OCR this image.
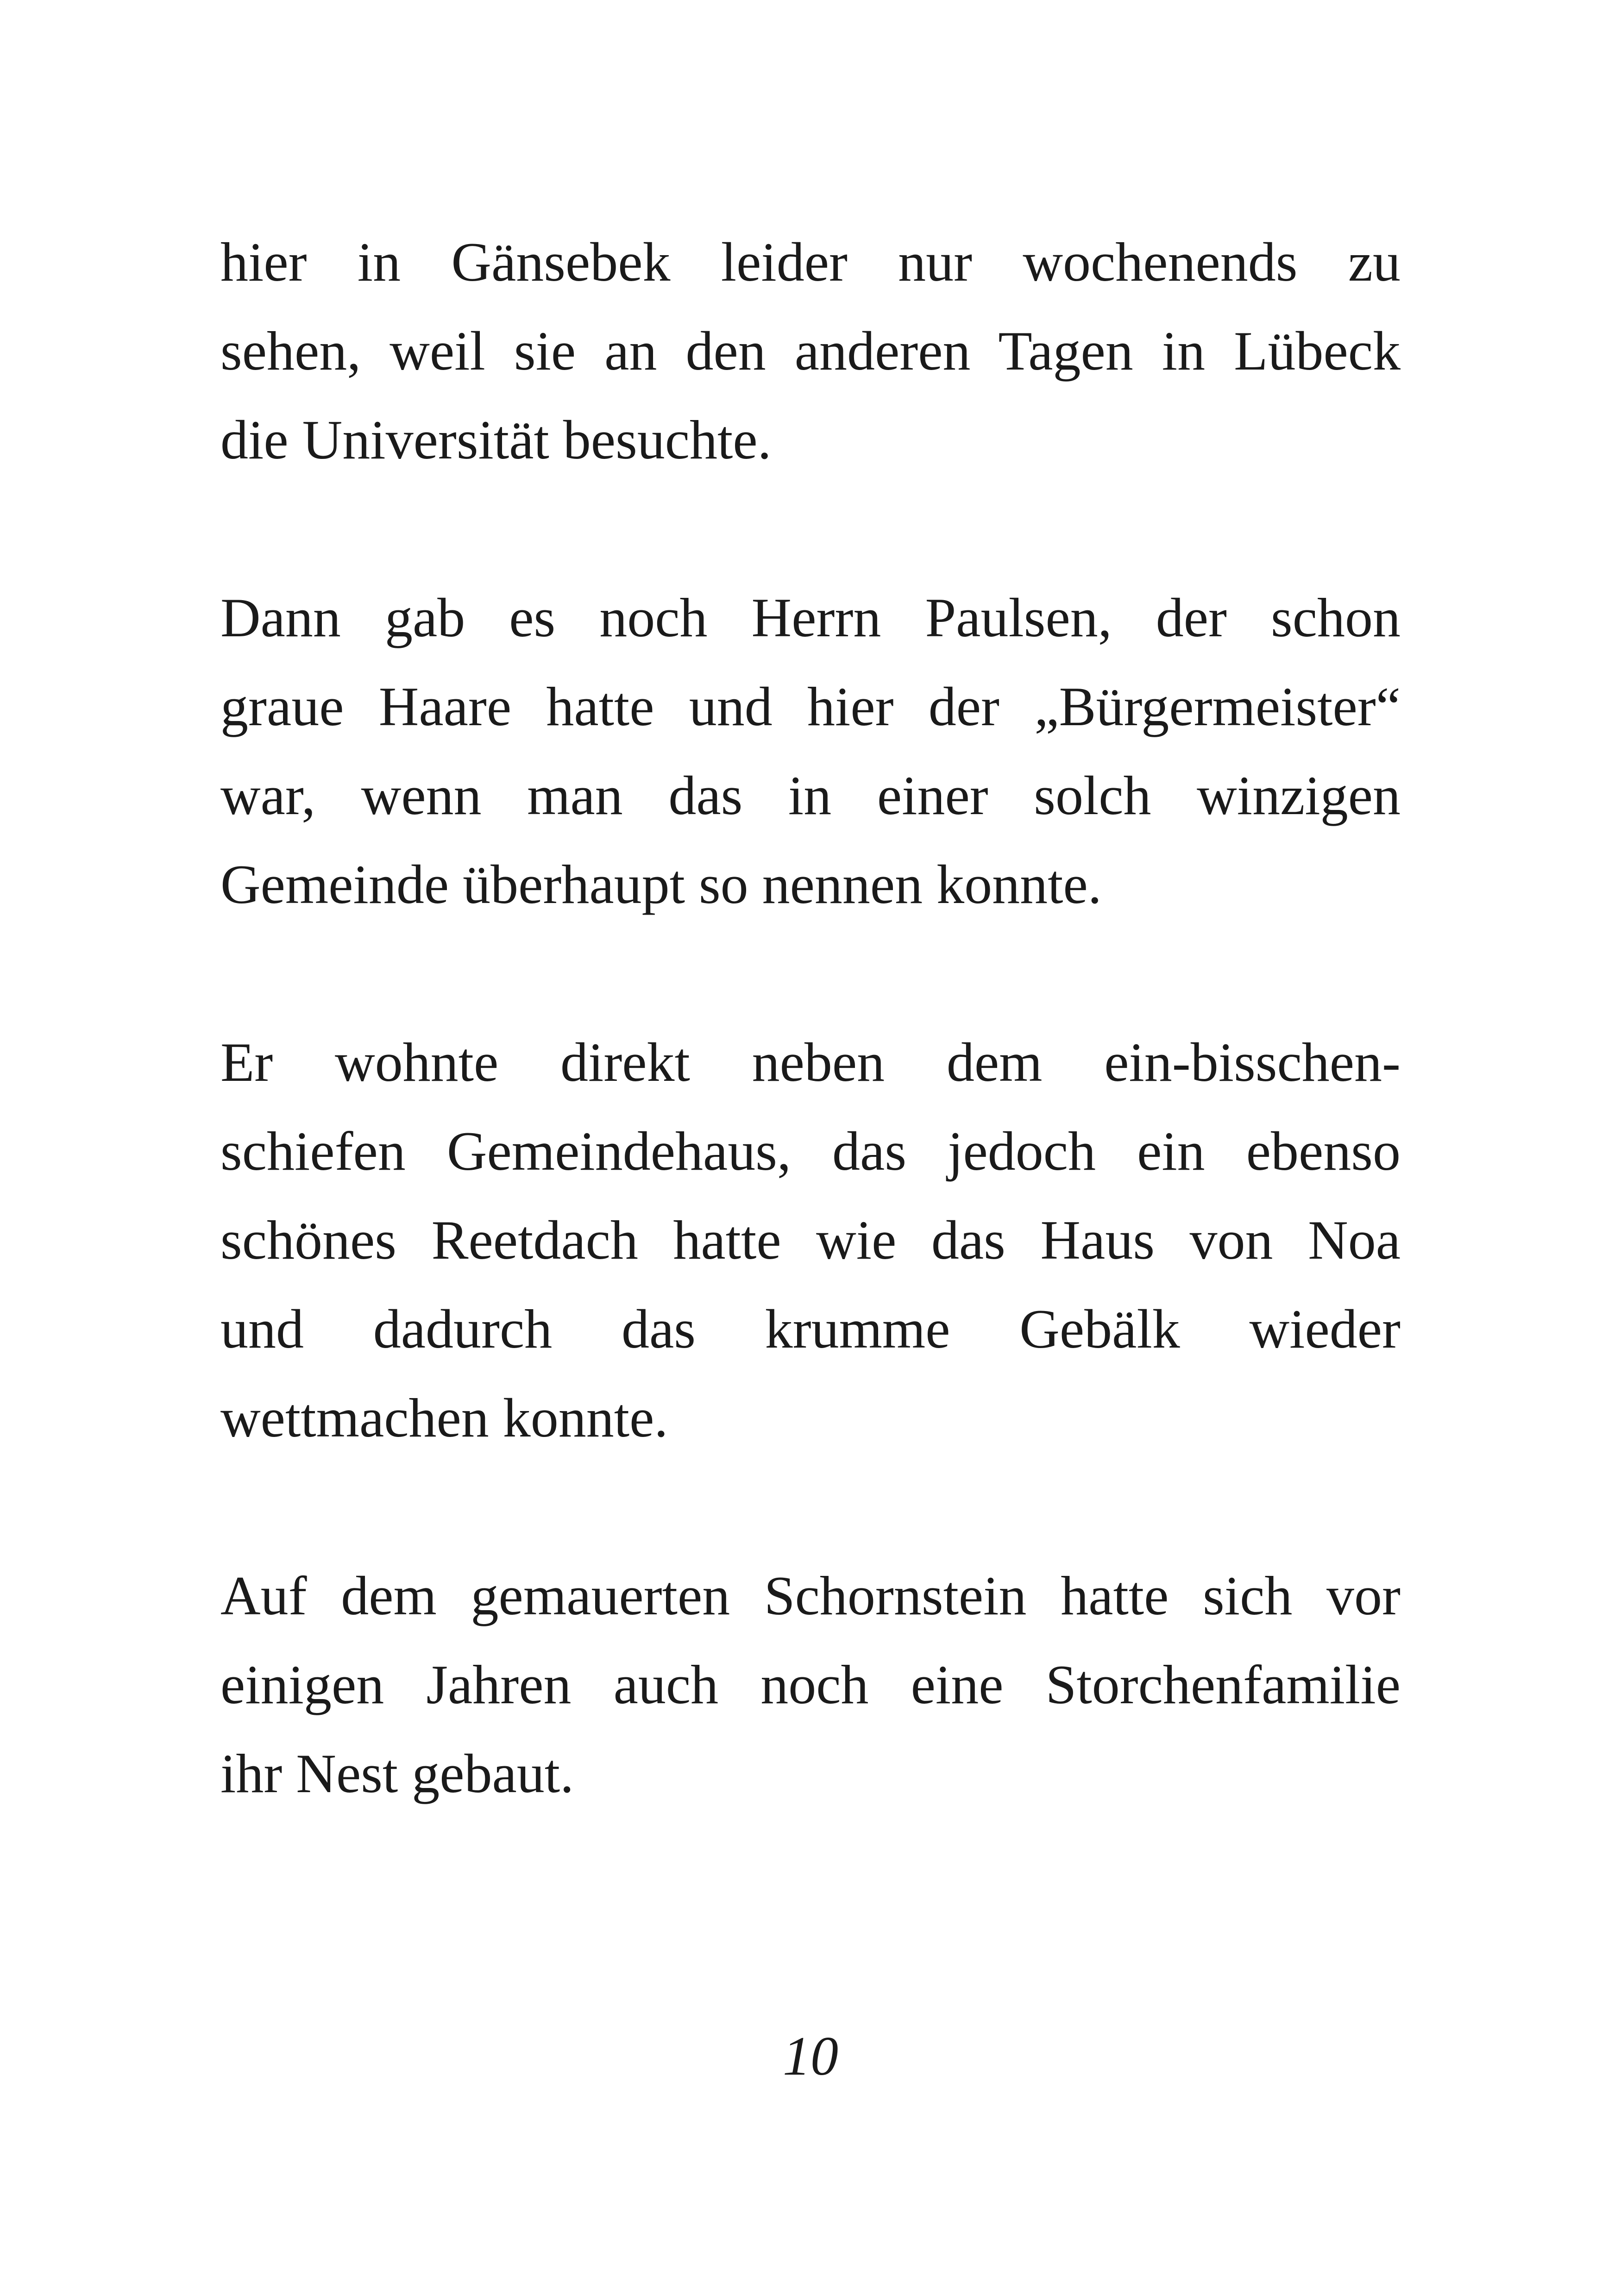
hier in Gänsebek leider nur wochenends zu
sehen, weil sie an den anderen Tagen in Lübeck
die Universität besuchte.

Dann gab es noch Herrn Paulsen, der schon
graue Haare hatte und hier der „Bürgermeister“
war, wenn man das in einer solch winzigen
Gemeinde überhaupt so nennen konnte.

Er wohnte direkt neben dem ein-bisschen-
schiefen Gemeindehaus, das jedoch ein ebenso
schönes Reetdach hatte wie das Haus von Noa
und dadurch das krumme Gebälk wieder
wettmachen konnte.

Auf dem gemauerten Schornstein hatte sich vor
einigen Jahren auch noch eine Storchenfamilie
ihr Nest gebaut.

10
